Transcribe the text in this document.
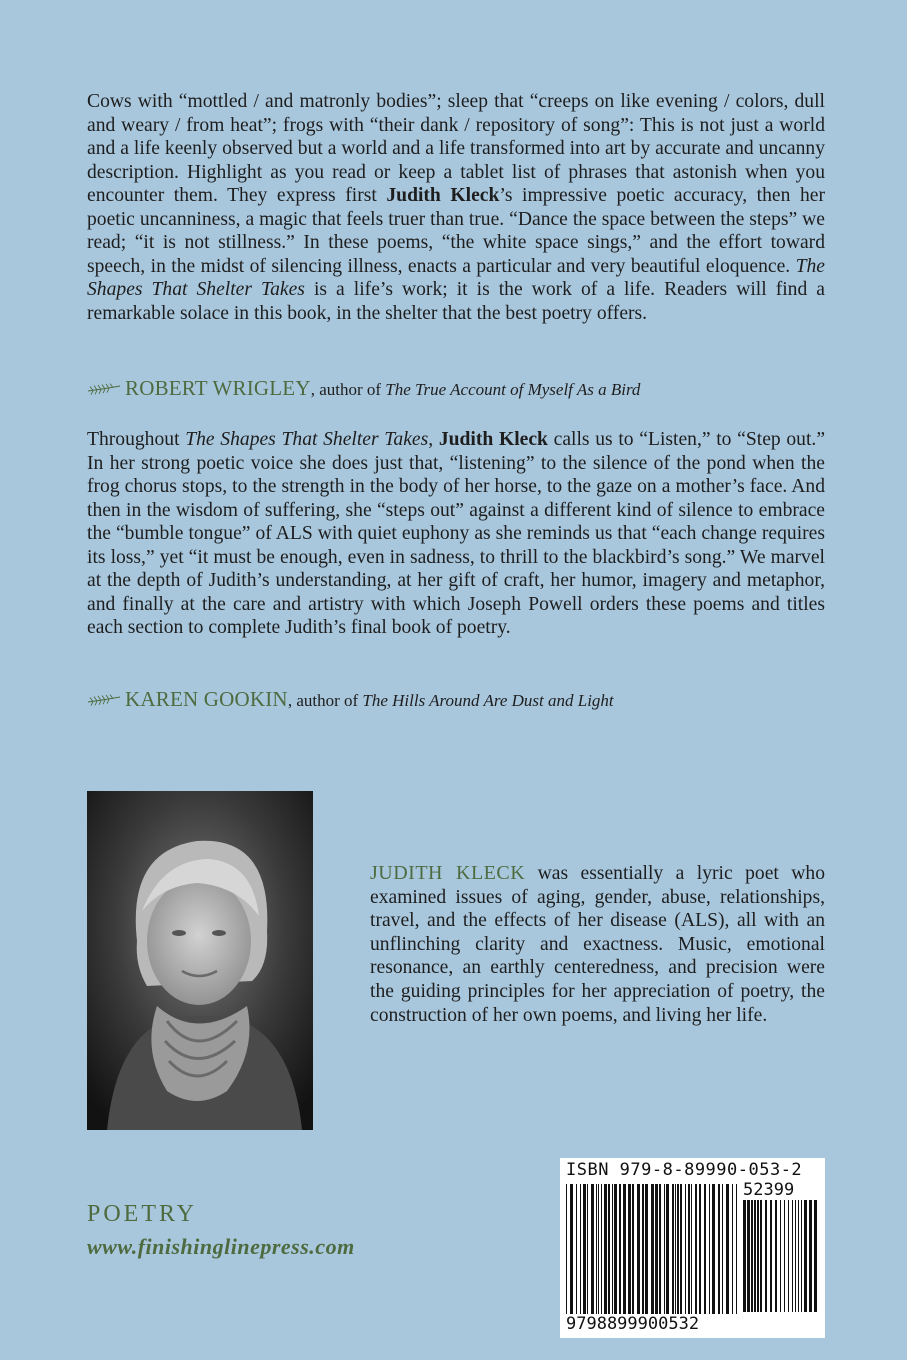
Cows with “mottled / and matronly bodies”; sleep that “creeps on like evening / colors, dull and weary / from heat”; frogs with “their dank / repository of song”: This is not just a world and a life keenly observed but a world and a life transformed into art by accurate and uncanny description. Highlight as you read or keep a tablet list of phrases that astonish when you encounter them. They express first Judith Kleck’s impressive poetic accuracy, then her poetic uncanniness, a magic that feels truer than true. “Dance the space between the steps” we read; “it is not stillness.” In these poems, “the white space sings,” and the effort toward speech, in the midst of silencing illness, enacts a particular and very beautiful eloquence. The Shapes That Shelter Takes is a life’s work; it is the work of a life. Readers will find a remarkable solace in this book, in the shelter that the best poetry offers.
ROBERT WRIGLEY , author of The True Account of Myself As a Bird
Throughout The Shapes That Shelter Takes, Judith Kleck calls us to “Listen,” to “Step out.” In her strong poetic voice she does just that, “listening” to the silence of the pond when the frog chorus stops, to the strength in the body of her horse, to the gaze on a mother’s face. And then in the wisdom of suffering, she “steps out” against a different kind of silence to embrace the “bumble tongue” of ALS with quiet euphony as she reminds us that “each change requires its loss,” yet “it must be enough, even in sadness, to thrill to the blackbird’s song.” We marvel at the depth of Judith’s understanding, at her gift of craft, her humor, imagery and metaphor, and finally at the care and artistry with which Joseph Powell orders these poems and titles each section to complete Judith’s final book of poetry.
KAREN GOOKIN , author of The Hills Around Are Dust and Light
JUDITH KLECK was essentially a lyric poet who examined issues of aging, gender, abuse, relationships, travel, and the effects of her disease (ALS), all with an unflinching clarity and exactness. Music, emotional resonance, an earthly centeredness, and precision were the guiding principles for her appreciation of poetry, the construction of her own poems, and living her life.
POETRY
www.finishinglinepress.com
ISBN 979-8-89990-053-2
52399
9798899900532
